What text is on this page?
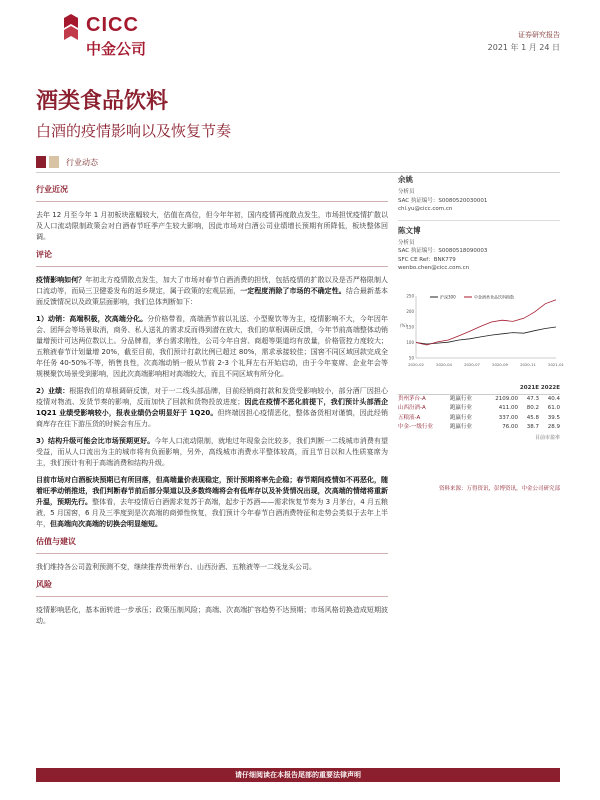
CICC
中金公司
证券研究报告
2021 年 1 月 24 日
酒类食品饮料
白酒的疫情影响以及恢复节奏
行业动态
行业近况

去年 12 月至今年 1 月初板块涨幅较大，估值在高位，但今年年初，国内疫情再度散点发生，市场担忧疫情扩散以及人口流动限制政策会对白酒春节旺季产生较大影响，因此市场对白酒公司业绩增长预期有所降低，板块整体回调。

评论

疫情影响如何？年初北方疫情散点发生，加大了市场对春节白酒消费的担忧，包括疫情的扩散以及是否严格限制人口流动等，而局三卫健委发布的返乡规定，属于政策的宏观层面，一定程度消除了市场的不确定性。结合最新基本面反馈情况以及政策层面影响，我们总体判断如下：

1）动销：高端积极，次高端分化。分价格带看，高端酒节前以礼送、小型聚饮等为主，疫情影响不大，今年因年会、团拜会等场景取消，商务、私人送礼的需求反而得到潜在放大，我们的草根调研反馈，今年节前高端整体动销量增预计可达两位数以上。分品牌看，茅台需求刚性，公司今年自营、商超等渠道均有放量，价格管控力度较大；五粮液春节计划量增 20%，截至目前，我们预计打款比例已超过 80%，需求承接较佳；国窖不同区域回款完成全年任务 40-50%不等，销售良性，次高端动销一般从节前 2-3 个礼拜左右开始启动，由于今年宴席、企业年会等规模聚饮场景受到影响，因此次高端影响相对高端较大，而且不同区域有所分化。

2）业绩：根据我们的草根调研反馈，对于一二线头部品牌，目前经销商打款和发货受影响较小，部分酒厂因担心疫情对物流、发货节奏的影响，反而加快了回款和货物投放进度；因此在疫情不恶化前提下，我们预计头部酒企 1Q21 业绩受影响较小，报表业绩仍会明显好于 1Q20。但终端因担心疫情恶化，整体备货相对谨慎，因此经销商库存在往下游压货的时候会有压力。

3）结构升级可能会比市场预期更好。今年人口流动限制，就地过年现象会比较多，我们判断一二线城市消费有望受益，而从人口流出为主的城市将有负面影响，另外，高线城市消费水平整体较高，而且节日以和人性质宴席为主，我们预计有利于高端消费和结构升级。

目前市场对白酒板块预期已有所回落，但高端量价表现稳定，预计预期将率先企稳；春节期间疫情如不再恶化，随着旺季动销推进，我们判断春节前后部分渠道以及多数终端将会有低库存以及补货情况出现，次高端的情绪将重新升温，预期先行。整体看，去年疫情后白酒需求复苏于高端，起步于苏酒——需求恢复节奏为 3 月茅台，4 月五粮液，5 月国窖，6 月及三季度到是次高端的商弹性恢复，我们预计今年春节白酒消费特征和走势会类似于去年上半年，但高端向次高端的切换会明显缩短。

估值与建议

我们维持各公司盈利预测不变，继续推荐贵州茅台、山西汾酒、五粮液等一二线龙头公司。

风险

疫情影响恶化，基本面转进一步承压；政策压制风险；高端、次高端扩容趋势不达预期；市场风格切换造成短期波动。

余姚
分析员
SAC 执证编号：S0080520030001
chi.yu@cicc.com.cn
陈文博
分析员
SAC 执证编号：S0080518090003
SFC CE Ref：BNK779
wenbo.chen@cicc.com.cn
250
200
150
100
50
(%)
2020-02	2020-04	2020-07	2020-09	2020-11	2021-01
沪深300	中金酒类食品饮料指数
2021E 2022E
贵州茅台-A	跑赢行业	2109.00	47.3	40.4
山西汾酒-A	跑赢行业	411.00	80.2	61.0
五粮液-A	跑赢行业	337.00	45.8	39.5
中金-一级行业	跑赢行业	76.00	38.7	28.9
目前市盈率
资料来源：万得资讯，彭博资讯，中金公司研究部
请仔细阅读在本报告尾部的重要法律声明
